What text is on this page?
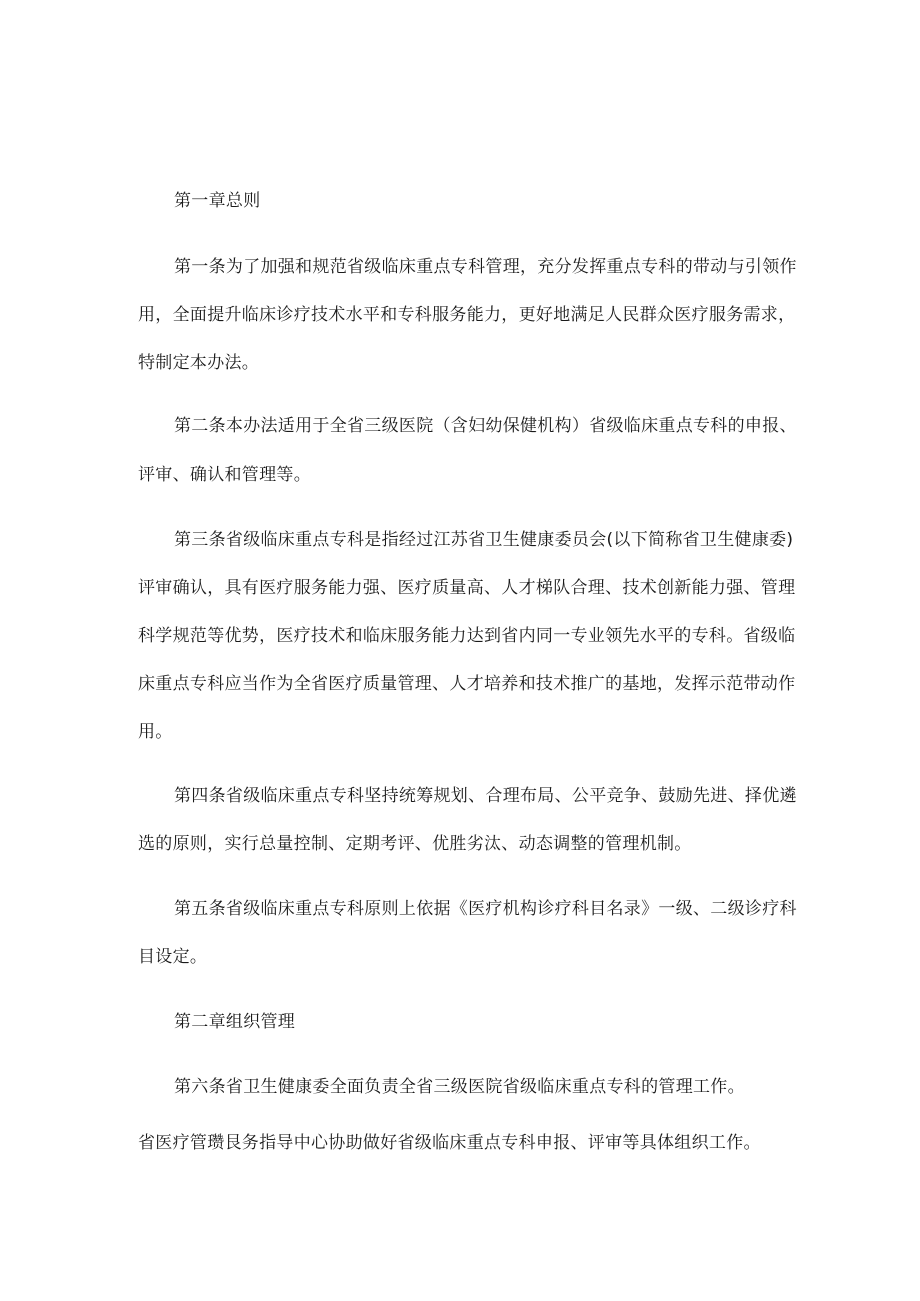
第一章总则
第一条为了加强和规范省级临床重点专科管理，充分发挥重点专科的带动与引领作
用，全面提升临床诊疗技术水平和专科服务能力，更好地满足人民群众医疗服务需求，
特制定本办法。
第二条本办法适用于全省三级医院（含妇幼保健机构）省级临床重点专科的申报、
评审、确认和管理等。
第三条省级临床重点专科是指经过江苏省卫生健康委员会(以下简称省卫生健康委)
评审确认，具有医疗服务能力强、医疗质量高、人才梯队合理、技术创新能力强、管理
科学规范等优势，医疗技术和临床服务能力达到省内同一专业领先水平的专科。省级临
床重点专科应当作为全省医疗质量管理、人才培养和技术推广的基地，发挥示范带动作
用。
第四条省级临床重点专科坚持统筹规划、合理布局、公平竞争、鼓励先进、择优遴
选的原则，实行总量控制、定期考评、优胜劣汰、动态调整的管理机制。
第五条省级临床重点专科原则上依据《医疗机构诊疗科目名录》一级、二级诊疗科
目设定。
第二章组织管理
第六条省卫生健康委全面负责全省三级医院省级临床重点专科的管理工作。
省医疗管瓒艮务指导中心协助做好省级临床重点专科申报、评审等具体组织工作。
